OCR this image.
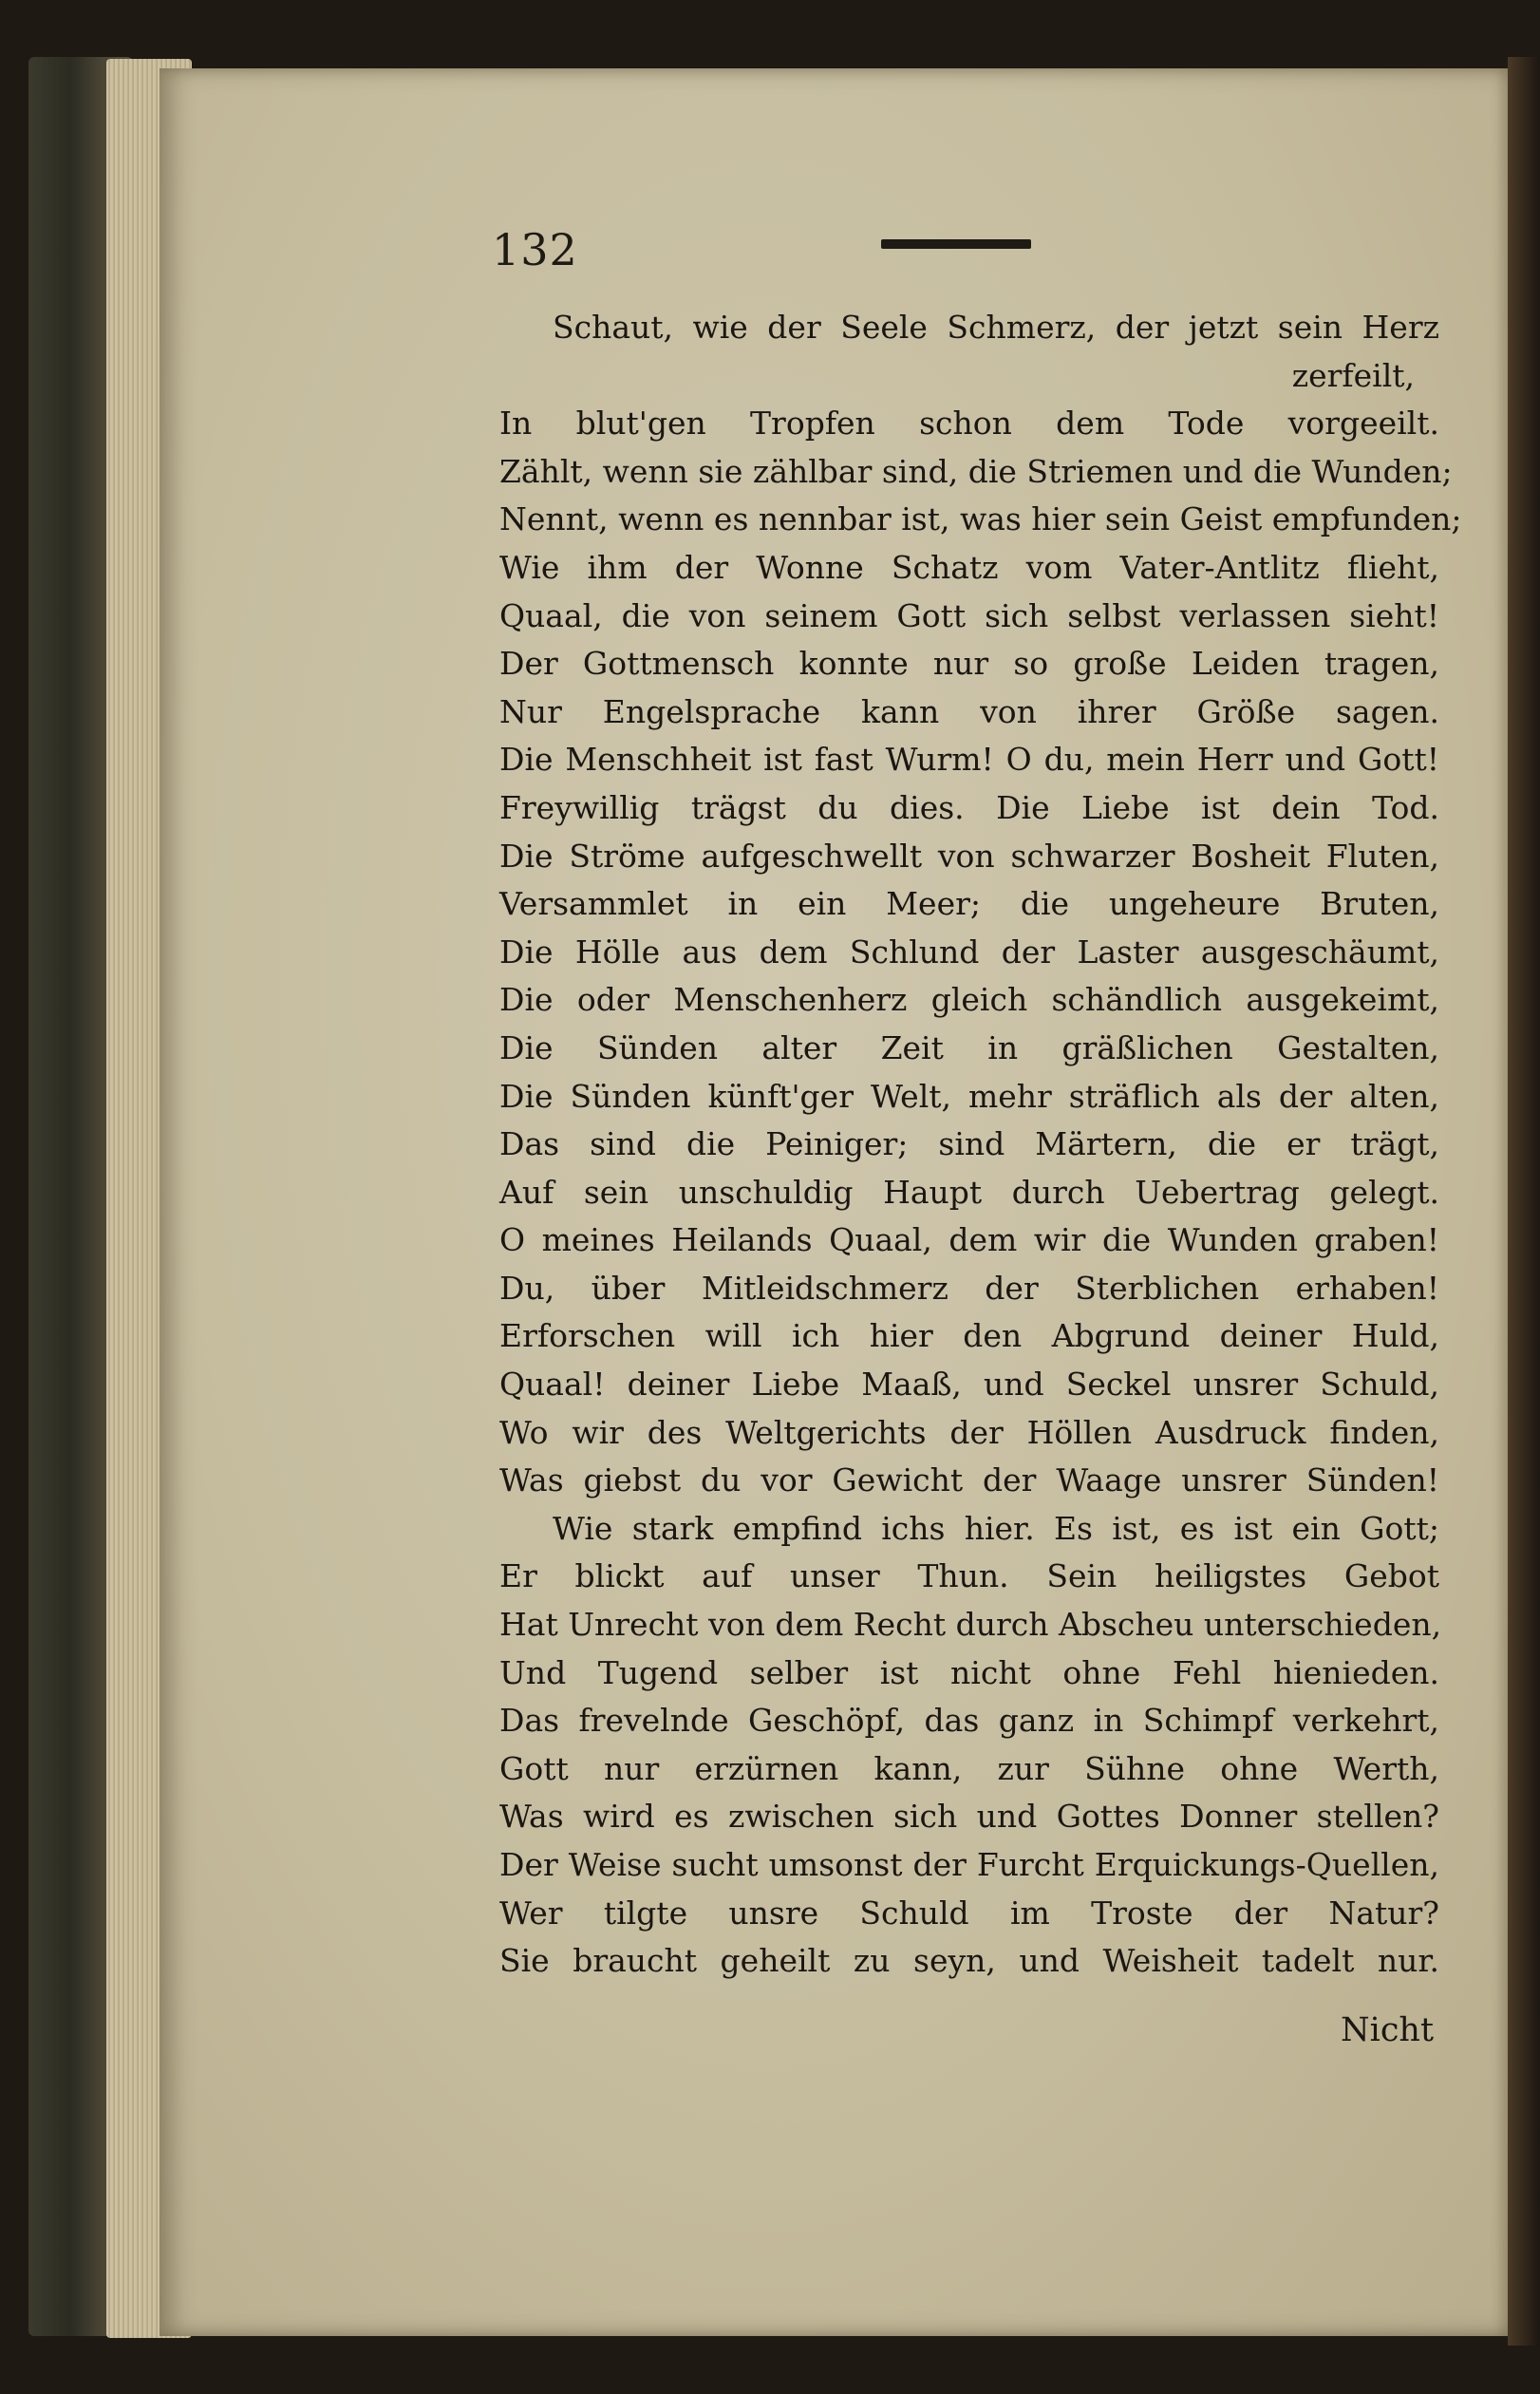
132
Schaut, wie der Seele Schmerz, der jetzt sein Herz
zerfeilt,
In blut'gen Tropfen schon dem Tode vorgeeilt.
Zählt, wenn sie zählbar sind, die Striemen und die Wunden;
Nennt, wenn es nennbar ist, was hier sein Geist empfunden;
Wie ihm der Wonne Schatz vom Vater-Antlitz flieht,
Quaal, die von seinem Gott sich selbst verlassen sieht!
Der Gottmensch konnte nur so große Leiden tragen,
Nur Engelsprache kann von ihrer Größe sagen.
Die Menschheit ist fast Wurm! O du, mein Herr und Gott!
Freywillig trägst du dies. Die Liebe ist dein Tod.
Die Ströme aufgeschwellt von schwarzer Bosheit Fluten,
Versammlet in ein Meer; die ungeheure Bruten,
Die Hölle aus dem Schlund der Laster ausgeschäumt,
Die oder Menschenherz gleich schändlich ausgekeimt,
Die Sünden alter Zeit in gräßlichen Gestalten,
Die Sünden künft'ger Welt, mehr sträflich als der alten,
Das sind die Peiniger; sind Märtern, die er trägt,
Auf sein unschuldig Haupt durch Uebertrag gelegt.
O meines Heilands Quaal, dem wir die Wunden graben!
Du, über Mitleidschmerz der Sterblichen erhaben!
Erforschen will ich hier den Abgrund deiner Huld,
Quaal! deiner Liebe Maaß, und Seckel unsrer Schuld,
Wo wir des Weltgerichts der Höllen Ausdruck finden,
Was giebst du vor Gewicht der Waage unsrer Sünden!
Wie stark empfind ichs hier. Es ist, es ist ein Gott;
Er blickt auf unser Thun. Sein heiligstes Gebot
Hat Unrecht von dem Recht durch Abscheu unterschieden,
Und Tugend selber ist nicht ohne Fehl hienieden.
Das frevelnde Geschöpf, das ganz in Schimpf verkehrt,
Gott nur erzürnen kann, zur Sühne ohne Werth,
Was wird es zwischen sich und Gottes Donner stellen?
Der Weise sucht umsonst der Furcht Erquickungs-Quellen,
Wer tilgte unsre Schuld im Troste der Natur?
Sie braucht geheilt zu seyn, und Weisheit tadelt nur.
Nicht
